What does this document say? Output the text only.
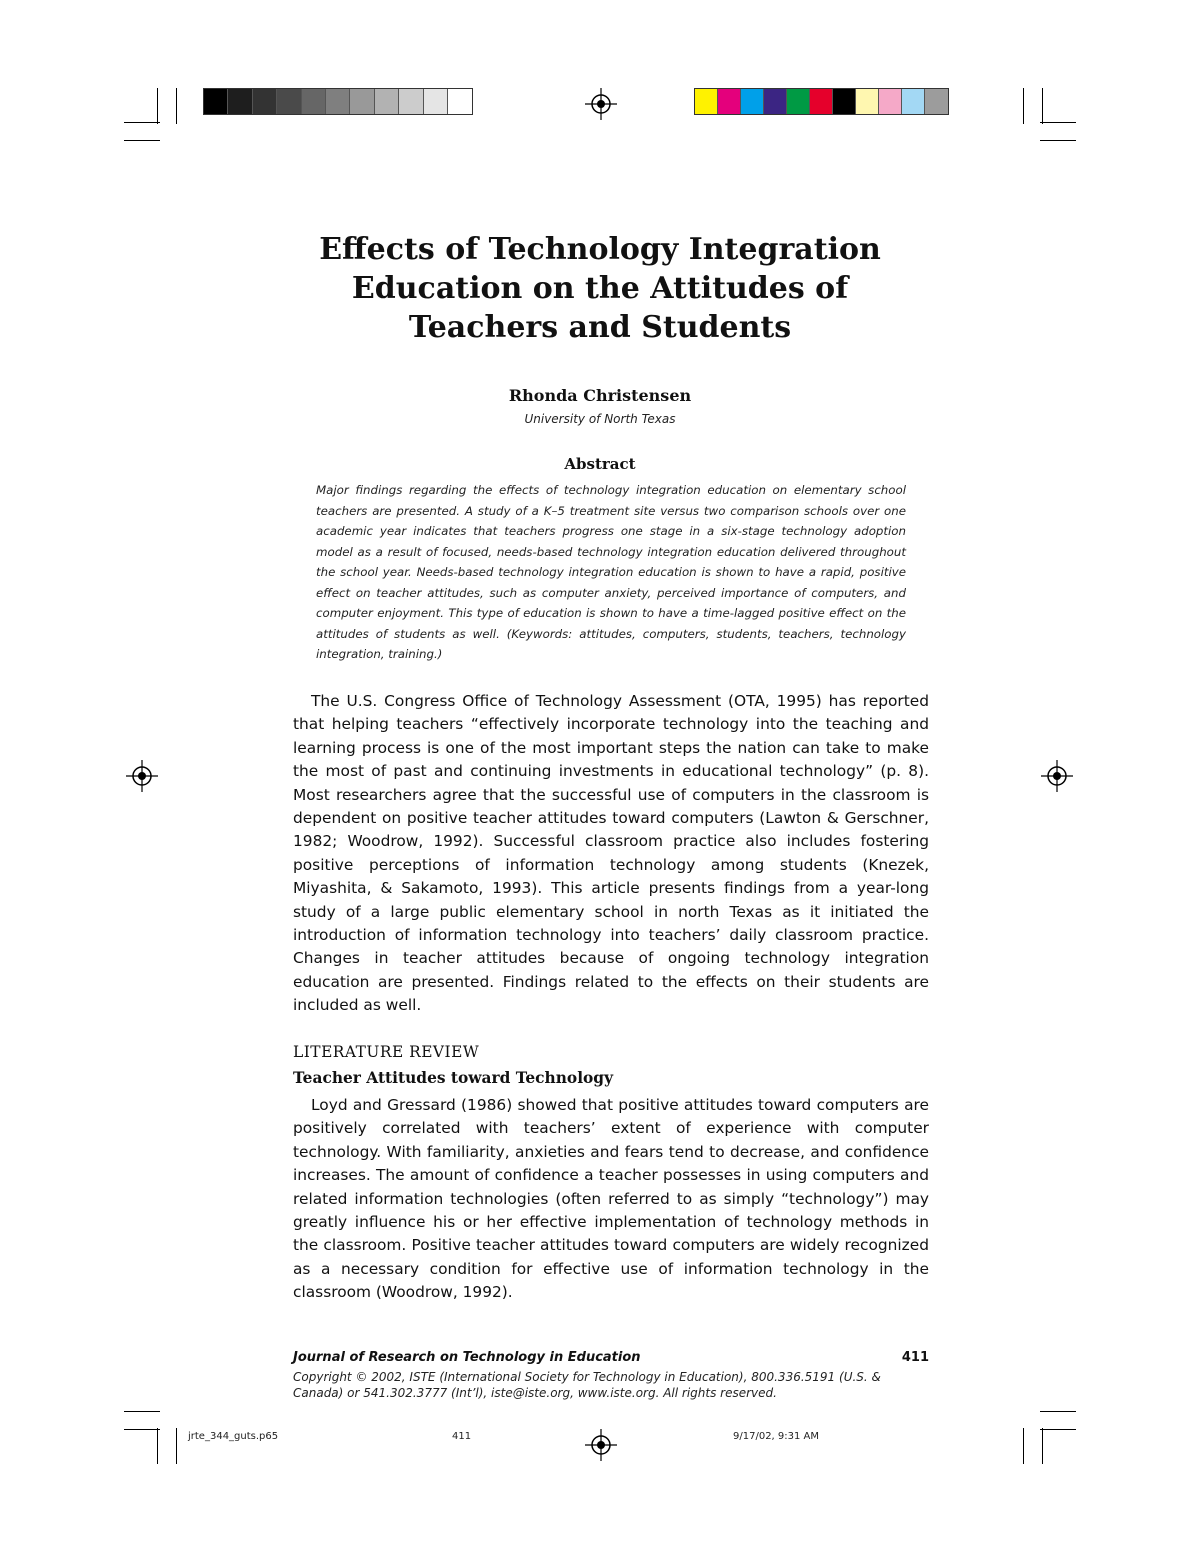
Effects of Technology Integration
Education on the Attitudes of
Teachers and Students
Rhonda Christensen
University of North Texas
Abstract

Major findings regarding the effects of technology integration education on elementary school teachers are presented. A study of a K–5 treatment site versus two comparison schools over one academic year indicates that teachers progress one stage in a six-stage technology adoption model as a result of focused, needs-based technology integration education delivered throughout the school year. Needs-based technology integration education is shown to have a rapid, positive effect on teacher attitudes, such as computer anxiety, perceived importance of computers, and computer enjoyment. This type of education is shown to have a time-lagged positive effect on the attitudes of students as well. (Keywords: attitudes, computers, students, teachers, technology integration, training.)

The U.S. Congress Office of Technology Assessment (OTA, 1995) has reported that helping teachers “effectively incorporate technology into the teaching and learning process is one of the most important steps the nation can take to make the most of past and continuing investments in educational technology” (p. 8). Most researchers agree that the successful use of computers in the classroom is dependent on positive teacher attitudes toward computers (Lawton & Gerschner, 1982; Woodrow, 1992). Successful classroom practice also includes fostering positive perceptions of information technology among students (Knezek, Miyashita, & Sakamoto, 1993). This article presents findings from a year-long study of a large public elementary school in north Texas as it initiated the introduction of information technology into teachers’ daily classroom practice. Changes in teacher attitudes because of ongoing technology integration education are presented. Findings related to the effects on their students are included as well.

LITERATURE REVIEW
Teacher Attitudes toward Technology

Loyd and Gressard (1986) showed that positive attitudes toward computers are positively correlated with teachers’ extent of experience with computer technology. With familiarity, anxieties and fears tend to decrease, and confidence increases. The amount of confidence a teacher possesses in using computers and related information technologies (often referred to as simply “technology”) may greatly influence his or her effective implementation of technology methods in the classroom. Positive teacher attitudes toward computers are widely recognized as a necessary condition for effective use of information technology in the classroom (Woodrow, 1992).

Journal of Research on Technology in Education	411

Copyright © 2002, ISTE (International Society for Technology in Education), 800.336.5191 (U.S. & Canada) or 541.302.3777 (Int’l), iste@iste.org, www.iste.org. All rights reserved.

jrte_344_guts.p65	411	9/17/02, 9:31 AM
